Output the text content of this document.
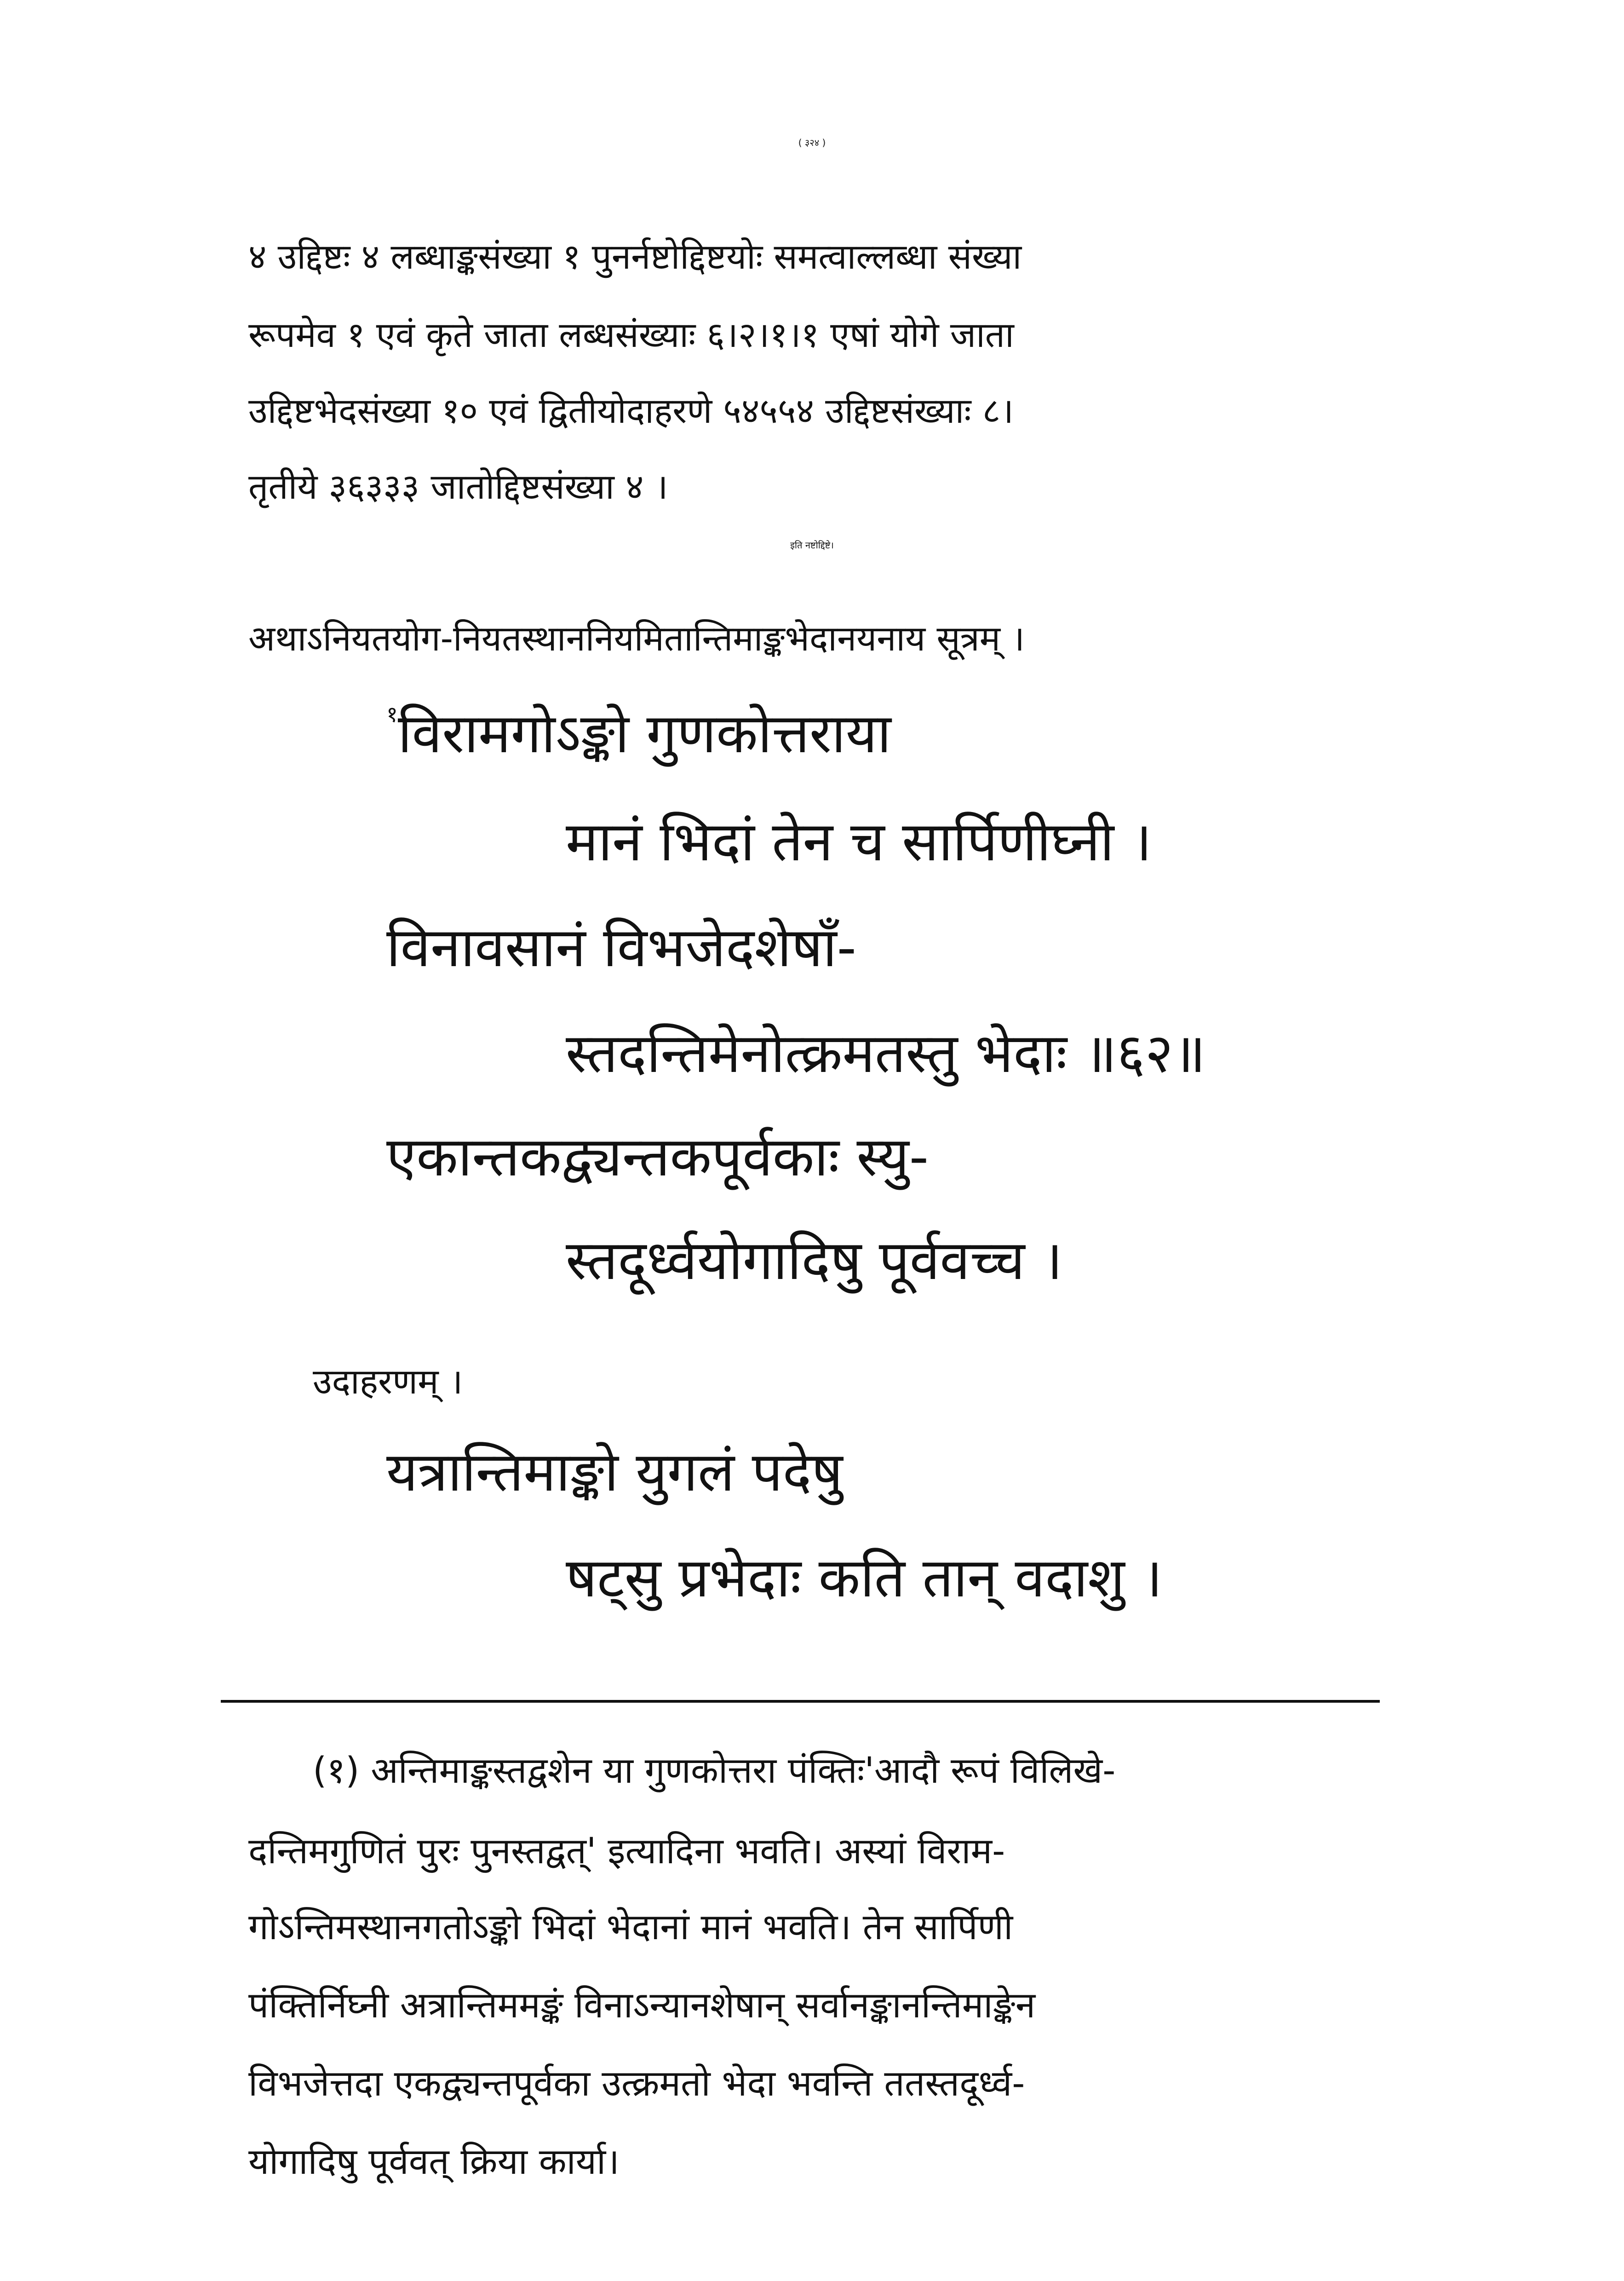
( ३२४ )
४ उद्दिष्टः ४ लब्धाङ्कसंख्या १ पुनर्नष्टोद्दिष्टयोः समत्वाल्लब्धा संख्या
रूपमेव १ एवं कृते जाता लब्धसंख्याः ६।२।१।१ एषां योगे जाता
उद्दिष्टभेदसंख्या १० एवं द्वितीयोदाहरणे ५४५५४ उद्दिष्टसंख्याः ८।
तृतीये ३६३३३ जातोद्दिष्टसंख्या ४ ।
इति नष्टोद्दिष्टे।
अथाऽनियतयोग-नियतस्थाननियमितान्तिमाङ्कभेदानयनाय सूत्रम् ।
$^१$विरामगोऽङ्को गुणकोत्तराया
मानं भिदां तेन च सार्पिणीघ्नी ।
विनावसानं विभजेदशेषाँ-
स्तदन्तिमेनोत्क्रमतस्तु भेदाः ॥६२॥
एकान्तकद्व्यन्तकपूर्वकाः स्यु-
स्तदूर्ध्वयोगादिषु पूर्ववच्च ।
उदाहरणम् ।
यत्रान्तिमाङ्को युगलं पदेषु
षट्सु प्रभेदाः कति तान् वदाशु ।
(१) अन्तिमाङ्कस्तद्वशेन या गुणकोत्तरा पंक्तिः'आदौ रूपं विलिखे-
दन्तिमगुणितं पुरः पुनस्तद्वत्' इत्यादिना भवति। अस्यां विराम-
गोऽन्तिमस्थानगतोऽङ्को भिदां भेदानां मानं भवति। तेन सार्पिणी
पंक्तिर्निघ्नी अत्रान्तिममङ्कं विनाऽन्यानशेषान् सर्वानङ्कानन्तिमाङ्केन
विभजेत्तदा एकद्व्यन्तपूर्वका उत्क्रमतो भेदा भवन्ति ततस्तदूर्ध्व-
योगादिषु पूर्ववत् क्रिया कार्या।
